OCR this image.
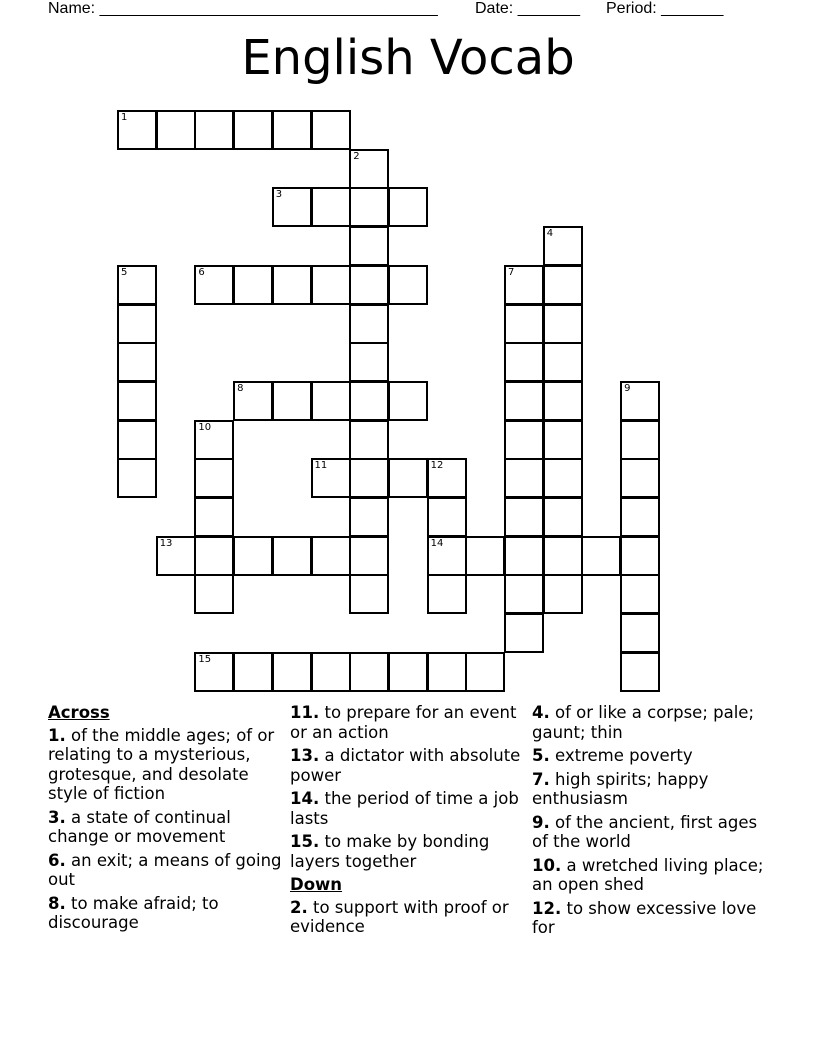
Name: ______________________________________ Date: _______ Period: _______
English Vocab
1
2
3
4
5	6	7
8	9
10
11	12
13	14
15

Across

1. of the middle ages; of or relating to a mysterious, grotesque, and desolate style of fiction

3. a state of continual change or movement

6. an exit; a means of going out

8. to make afraid; to discourage

11. to prepare for an event or an action

13. a dictator with absolute power

14. the period of time a job lasts

15. to make by bonding layers together

Down

2. to support with proof or evidence

4. of or like a corpse; pale; gaunt; thin

5. extreme poverty

7. high spirits; happy enthusiasm

9. of the ancient, first ages of the world

10. a wretched living place; an open shed

12. to show excessive love for
